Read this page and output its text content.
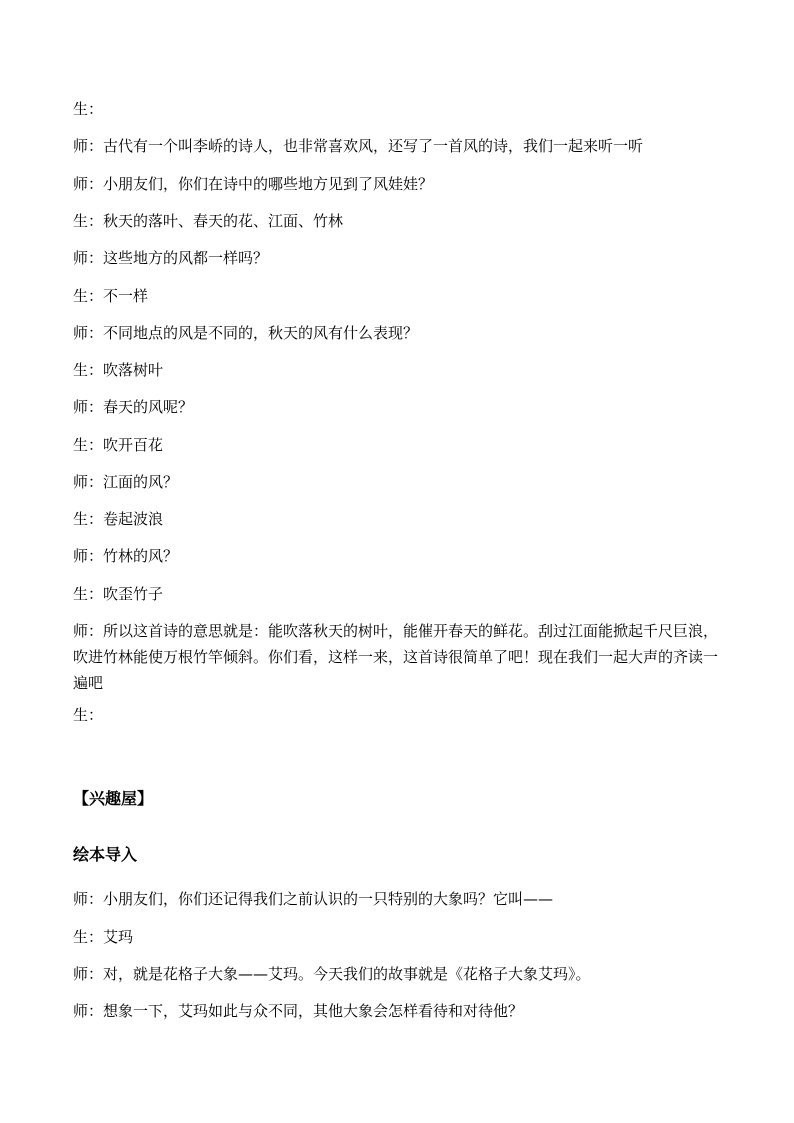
生：
师：古代有一个叫李峤的诗人，也非常喜欢风，还写了一首风的诗，我们一起来听一听
师：小朋友们，你们在诗中的哪些地方见到了风娃娃？
生：秋天的落叶、春天的花、江面、竹林
师：这些地方的风都一样吗？
生：不一样
师：不同地点的风是不同的，秋天的风有什么表现？
生：吹落树叶
师：春天的风呢？
生：吹开百花
师：江面的风？
生：卷起波浪
师：竹林的风？
生：吹歪竹子
师：所以这首诗的意思就是：能吹落秋天的树叶，能催开春天的鲜花。刮过江面能掀起千尺巨浪，吹进竹林能使万根竹竿倾斜。你们看，这样一来，这首诗很简单了吧！现在我们一起大声的齐读一遍吧
生：
【兴趣屋】
绘本导入
师：小朋友们，你们还记得我们之前认识的一只特别的大象吗？它叫——
生：艾玛
师：对，就是花格子大象——艾玛。今天我们的故事就是《花格子大象艾玛》。
师：想象一下，艾玛如此与众不同，其他大象会怎样看待和对待他？
